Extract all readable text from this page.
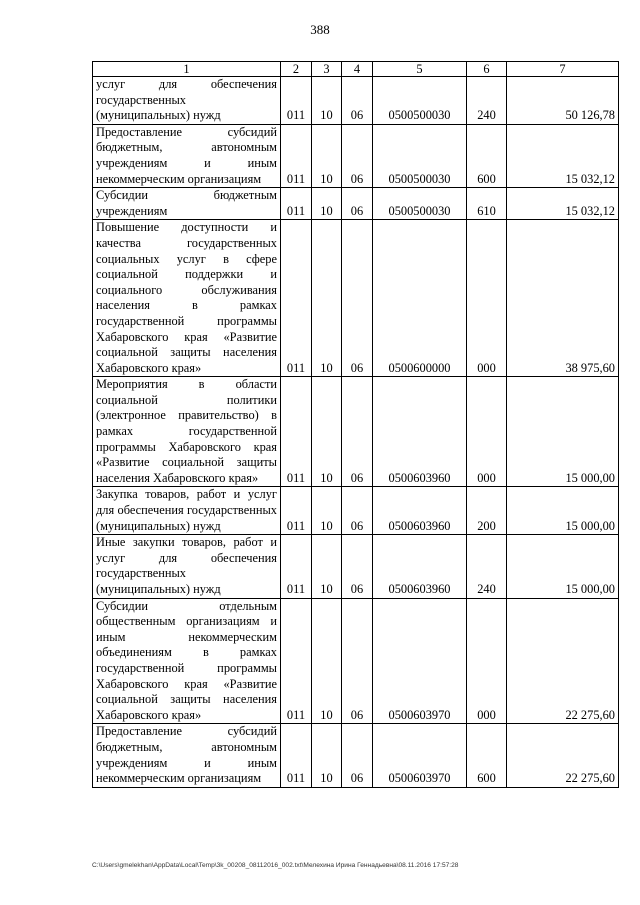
388
1	2	3	4	5	6	7
услуг для обеспечения государственных (муниципальных) нужд	011	10	06	0500500030	240	50 126,78
Предоставление субсидий бюджетным, автономным учреждениям и иным некоммерческим организациям	011	10	06	0500500030	600	15 032,12
Субсидии бюджетным учреждениям	011	10	06	0500500030	610	15 032,12
Повышение доступности и качества государственных социальных услуг в сфере социальной поддержки и социального обслуживания населения в рамках государственной программы Хабаровского края «Развитие социальной защиты населения Хабаровского края»	011	10	06	0500600000	000	38 975,60
Мероприятия в области социальной политики (электронное правительство) в рамках государственной программы Хабаровского края «Развитие социальной защиты населения Хабаровского края»	011	10	06	0500603960	000	15 000,00
Закупка товаров, работ и услуг для обеспечения государственных (муниципальных) нужд	011	10	06	0500603960	200	15 000,00
Иные закупки товаров, работ и услуг для обеспечения государственных (муниципальных) нужд	011	10	06	0500603960	240	15 000,00
Субсидии отдельным общественным организациям и иным некоммерческим объединениям в рамках государственной программы Хабаровского края «Развитие социальной защиты населения Хабаровского края»	011	10	06	0500603970	000	22 275,60
Предоставление субсидий бюджетным, автономным учреждениям и иным некоммерческим организациям	011	10	06	0500603970	600	22 275,60
C:\Users\gmelekhan\AppData\Local\Temp\3k_00208_08112016_002.txt\Мелехина Ирина Геннадьевна\08.11.2016 17:57:28
